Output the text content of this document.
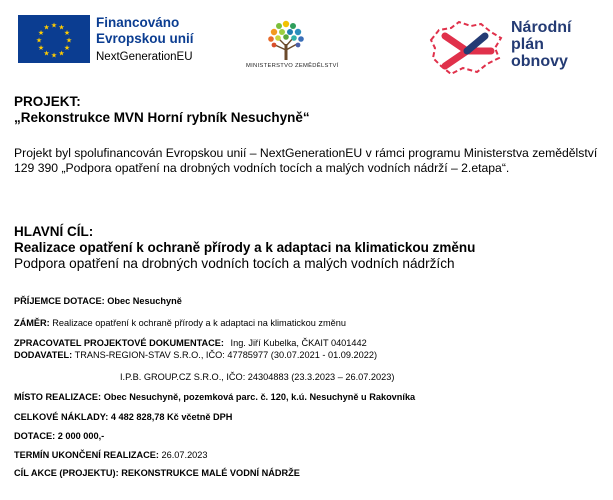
★ ★
★
★
★
★
★
★
★
★
★
★	Financováno
Evropskou unií
NextGenerationEU
MINISTERSTVO ZEMĚDĚLSTVÍ
Národní
plán
obnovy
PROJEKT:
„Rekonstrukce MVN Horní rybník Nesuchyně“
Projekt byl spolufinancován Evropskou unií – NextGenerationEU v rámci programu Ministerstva zemědělství 129 390 „Podpora opatření na drobných vodních tocích a malých vodních nádrží – 2.etapa“.
HLAVNÍ CÍL:
Realizace opatření k ochraně přírody a k adaptaci na klimatickou změnu
Podpora opatření na drobných vodních tocích a malých vodních nádržích
PŘÍJEMCE DOTACE: Obec Nesuchyně
ZÁMĚR: Realizace opatření k ochraně přírody a k adaptaci na klimatickou změnu
ZPRACOVATEL PROJEKTOVÉ DOKUMENTACE: Ing. Jiří Kubelka, ČKAIT 0401442
DODAVATEL: TRANS-REGION-STAV S.R.O., IČO: 47785977 (30.07.2021 - 01.09.2022)
I.P.B. GROUP.CZ S.R.O., IČO: 24304883 (23.3.2023 – 26.07.2023)
MÍSTO REALIZACE: Obec Nesuchyně, pozemková parc. č. 120, k.ú. Nesuchyně u Rakovníka
CELKOVÉ NÁKLADY: 4 482 828,78 Kč včetně DPH
DOTACE: 2 000 000,-
TERMÍN UKONČENÍ REALIZACE: 26.07.2023
CÍL AKCE (PROJEKTU): REKONSTRUKCE MALÉ VODNÍ NÁDRŽE
